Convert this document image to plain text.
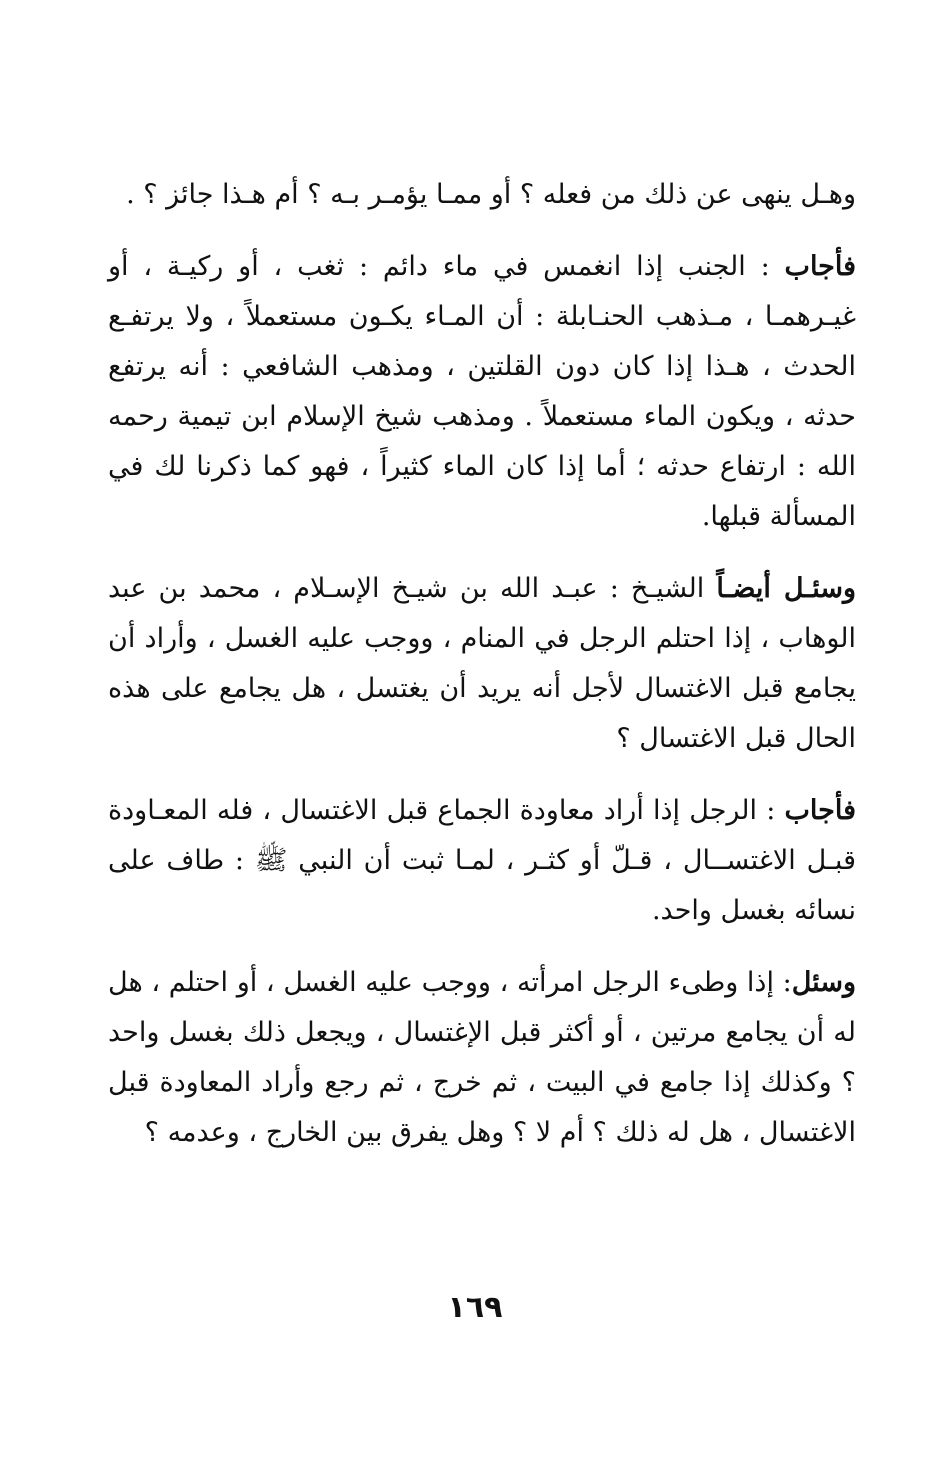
وهـل ينهى عن ذلك من فعله ؟ أو ممـا يؤمـر بـه ؟ أم هـذا جائز ؟ .

فأجاب : الجنب إذا انغمس في ماء دائم : ثغب ، أو ركيـة ، أو غيـرهمـا ، مـذهب الحنـابلة : أن المـاء يكـون مستعملاً ، ولا يرتفـع الحدث ، هـذا إذا كان دون القلتين ، ومذهب الشافعي : أنه يرتفع حدثه ، ويكون الماء مستعملاً . ومذهب شيخ الإسلام ابن تيمية رحمه الله : ارتفاع حدثه ؛ أما إذا كان الماء كثيراً ، فهو كما ذكرنا لك في المسألة قبلها.

وسئـل أيضـاً الشيـخ : عبـد الله بن شيـخ الإسـلام ، محمد بن عبد الوهاب ، إذا احتلم الرجل في المنام ، ووجب عليه الغسل ، وأراد أن يجامع قبل الاغتسال لأجل أنه يريد أن يغتسل ، هل يجامع على هذه الحال قبل الاغتسال ؟

فأجاب : الرجل إذا أراد معاودة الجماع قبل الاغتسال ، فله المعـاودة قبـل الاغتســال ، قـلّ أو كثـر ، لمـا ثبت أن النبي ﷺ : طاف على نسائه بغسل واحد.

وسئل: إذا وطىء الرجل امرأته ، ووجب عليه الغسل ، أو احتلم ، هل له أن يجامع مرتين ، أو أكثر قبل الإغتسال ، ويجعل ذلك بغسل واحد ؟ وكذلك إذا جامع في البيت ، ثم خرج ، ثم رجع وأراد المعاودة قبل الاغتسال ، هل له ذلك ؟ أم لا ؟ وهل يفرق بين الخارج ، وعدمه ؟

١٦٩
